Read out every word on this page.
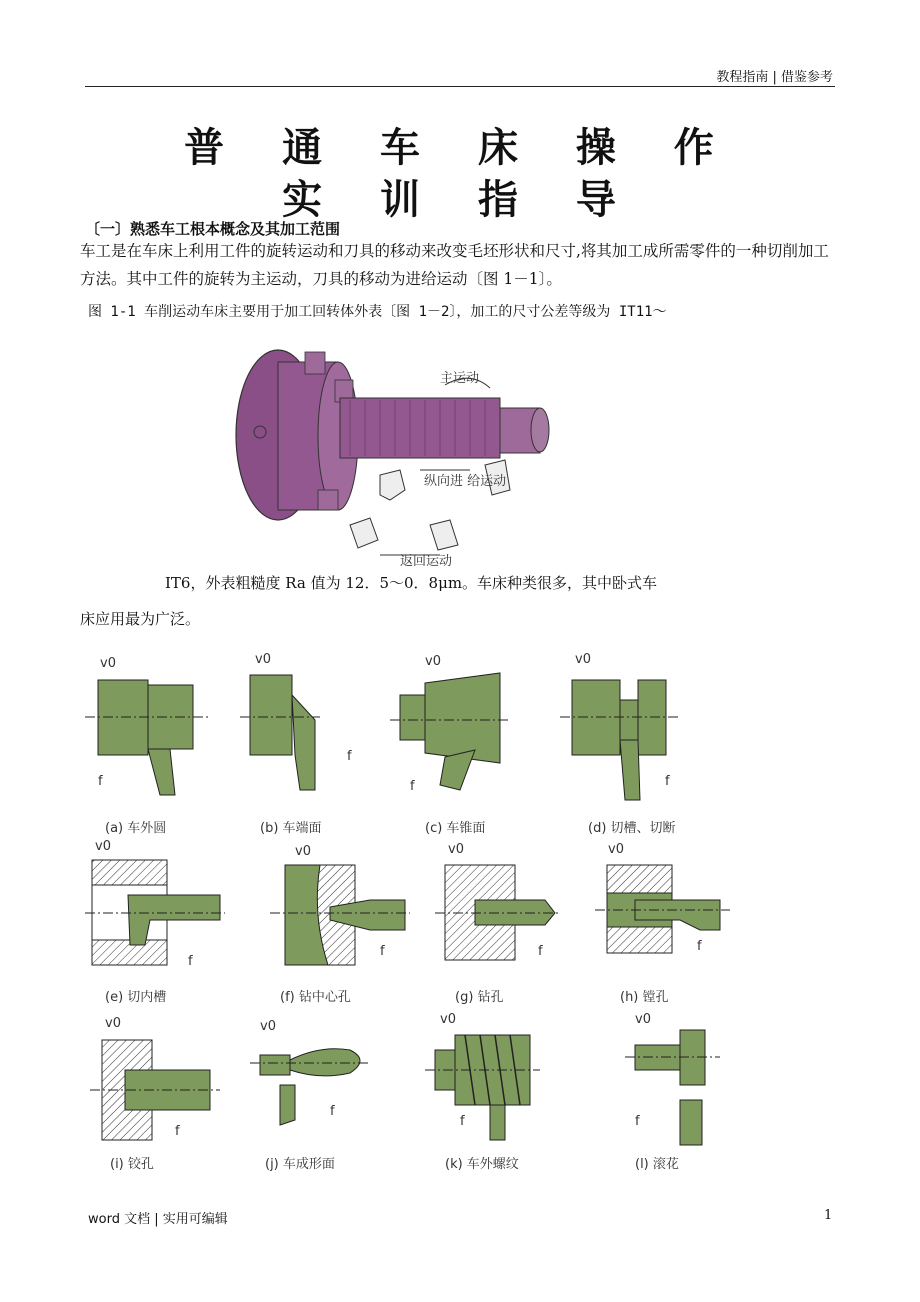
教程指南 | 借鉴参考
普 通 车 床 操 作
实 训 指 导
〔一〕熟悉车工根本概念及其加工范围
车工是在车床上利用工件的旋转运动和刀具的移动来改变毛坯形状和尺寸,将其加工成所需零件的一种切削加工方法。其中工件的旋转为主运动，刀具的移动为进给运动〔图 1－1〕。
图 1-1 车削运动车床主要用于加工回转体外表〔图 1－2〕，加工的尺寸公差等级为 IT11～
主运动
纵向进 给运动
返回运动
IT6，外表粗糙度 Ra 值为 12．5～0．8μm。车床种类很多，其中卧式车
床应用最为广泛。
v0
f
(a) 车外圆
v0
f
(b) 车端面
v0
f
(c) 车锥面
v0
f
(d) 切槽、切断
v0
f
(e) 切内槽
v0
f
(f) 钻中心孔
v0
f
(g) 钻孔
v0
f
(h) 镗孔
v0
f
(i) 铰孔
v0
f
(j) 车成形面
v0
f
(k) 车外螺纹
v0
f
(l) 滚花
word 文档 | 实用可编辑	1
